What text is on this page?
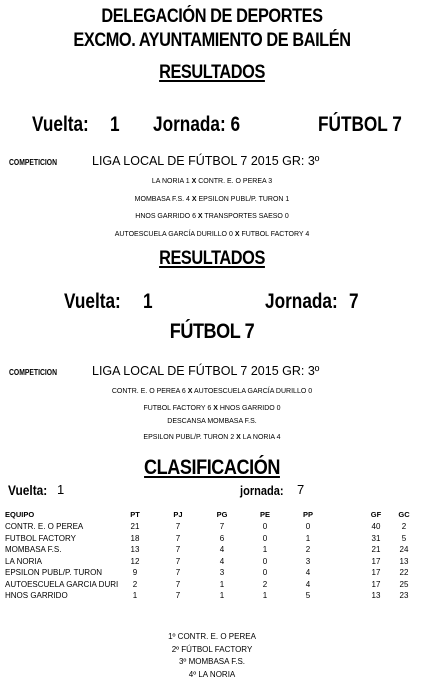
DELEGACIÓN DE DEPORTES
EXCMO. AYUNTAMIENTO DE BAILÉN
RESULTADOS
Vuelta: 1 Jornada: 6	FÚTBOL 7
COMPETICION	LIGA LOCAL DE FÚTBOL 7 2015 GR: 3º
LA NORIA 1 X CONTR. E. O PEREA 3
MOMBASA F.S. 4 X EPSILON PUBL/P. TURON 1
HNOS GARRIDO 6 X TRANSPORTES SAESO 0
AUTOESCUELA GARCÍA DURILLO 0 X FUTBOL FACTORY 4
RESULTADOS
Vuelta: 1	Jornada: 7
FÚTBOL 7
COMPETICION	LIGA LOCAL DE FÚTBOL 7 2015 GR: 3º
CONTR. E. O PEREA 6 X AUTOESCUELA GARCÍA DURILLO 0
FUTBOL FACTORY 6 X HNOS GARRIDO 0
DESCANSA MOMBASA F.S.
EPSILON PUBL/P. TURON 2 X LA NORIA 4
CLASIFICACIÓN
Vuelta: 1	jornada: 7
EQUIPO	PT	PJ	PG	PE	PP	GF	GC
CONTR. E. O PEREA	21	7	7	0	0	40	2
FUTBOL FACTORY	18	7	6	0	1	31	5
MOMBASA F.S.	13	7	4	1	2	21	24
LA NORIA	12	7	4	0	3	17	13
EPSILON PUBL/P. TURON	9	7	3	0	4	17	22
AUTOESCUELA GARCIA DURI	2	7	1	2	4	17	25
HNOS GARRIDO	1	7	1	1	5	13	23
1º CONTR. E. O PEREA
2º FÚTBOL FACTORY
3º MOMBASA F.S.
4º LA NORIA
